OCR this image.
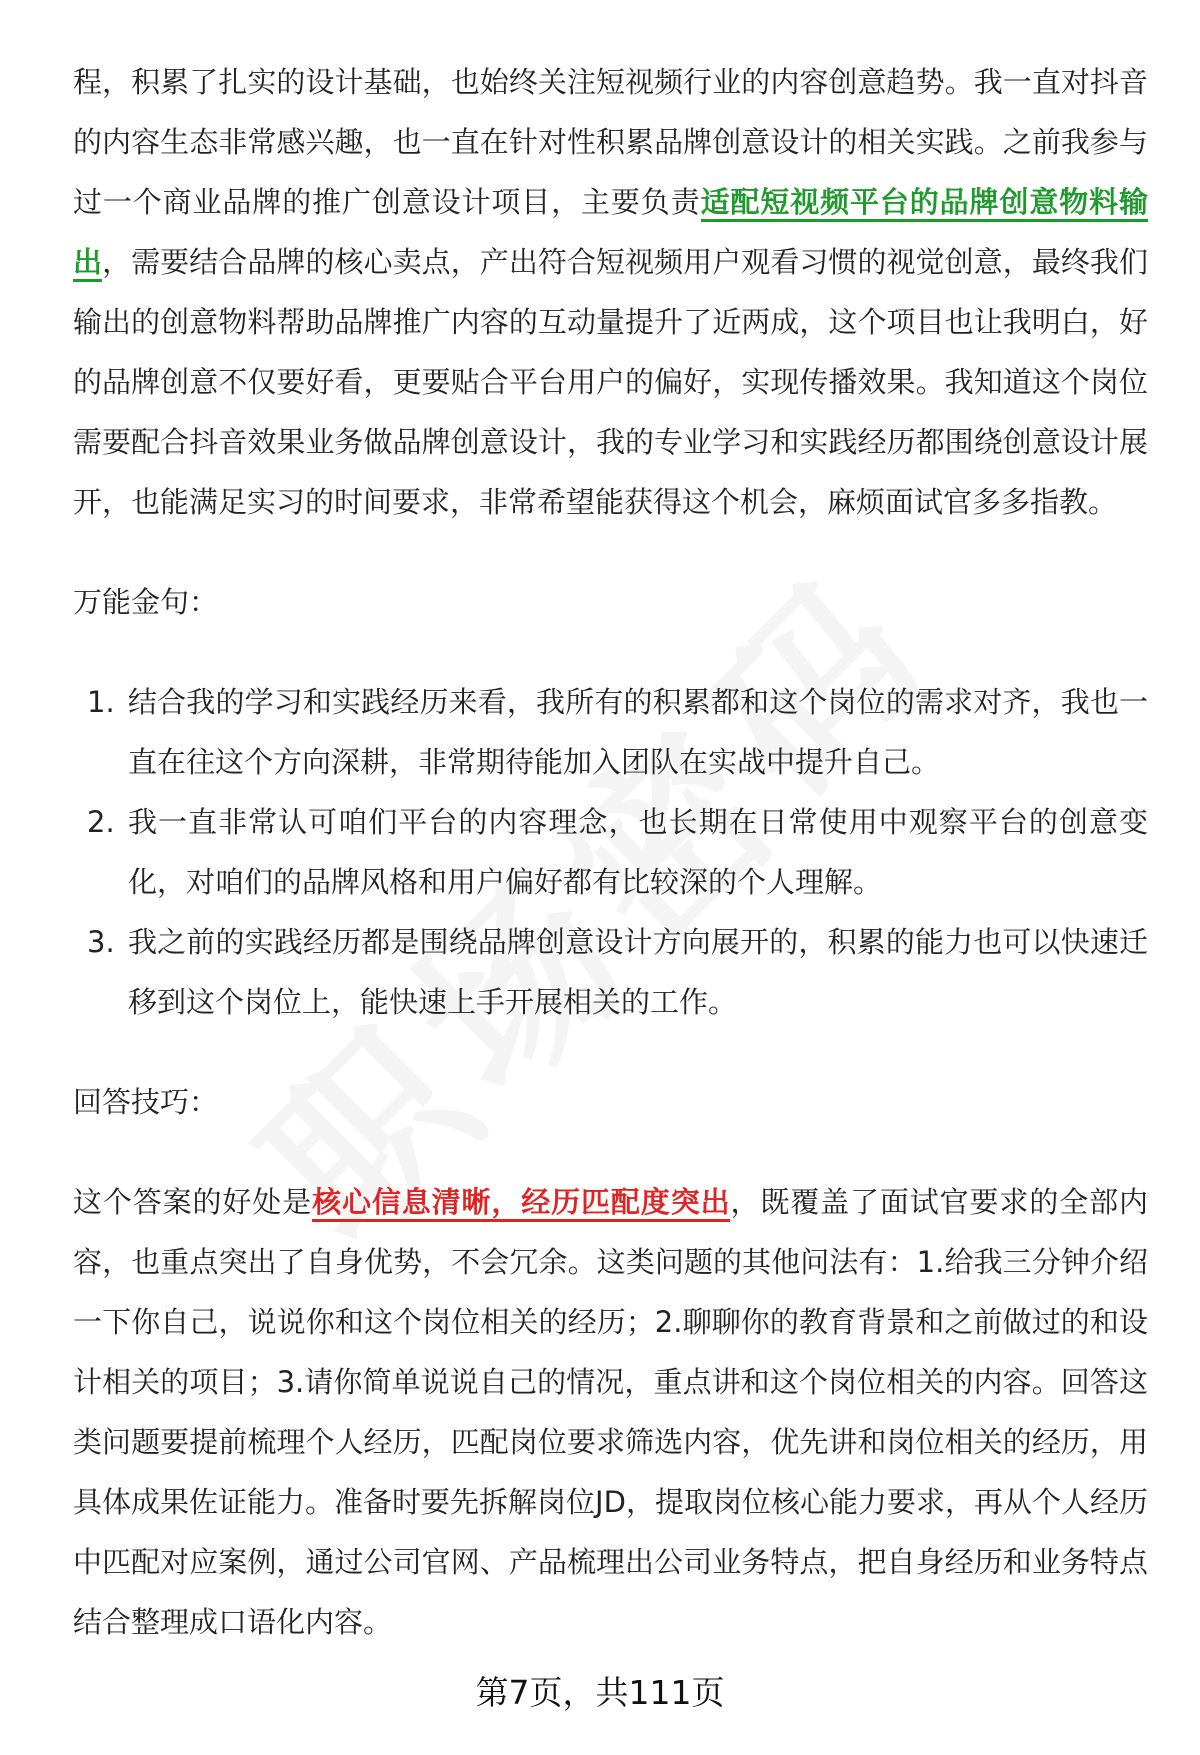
程，积累了扎实的设计基础，也始终关注短视频行业的内容创意趋势。我一直对抖音的内容生态非常感兴趣，也一直在针对性积累品牌创意设计的相关实践。之前我参与过一个商业品牌的推广创意设计项目，主要负责适配短视频平台的品牌创意物料输出，需要结合品牌的核心卖点，产出符合短视频用户观看习惯的视觉创意，最终我们输出的创意物料帮助品牌推广内容的互动量提升了近两成，这个项目也让我明白，好的品牌创意不仅要好看，更要贴合平台用户的偏好，实现传播效果。我知道这个岗位需要配合抖音效果业务做品牌创意设计，我的专业学习和实践经历都围绕创意设计展开，也能满足实习的时间要求，非常希望能获得这个机会，麻烦面试官多多指教。

万能金句：

1. 结合我的学习和实践经历来看，我所有的积累都和这个岗位的需求对齐，我也一直在往这个方向深耕，非常期待能加入团队在实战中提升自己。
2. 我一直非常认可咱们平台的内容理念，也长期在日常使用中观察平台的创意变化，对咱们的品牌风格和用户偏好都有比较深的个人理解。
3. 我之前的实践经历都是围绕品牌创意设计方向展开的，积累的能力也可以快速迁移到这个岗位上，能快速上手开展相关的工作。

回答技巧：

这个答案的好处是核心信息清晰，经历匹配度突出，既覆盖了面试官要求的全部内容，也重点突出了自身优势，不会冗余。这类问题的其他问法有：1.给我三分钟介绍一下你自己，说说你和这个岗位相关的经历；2.聊聊你的教育背景和之前做过的和设计相关的项目；3.请你简单说说自己的情况，重点讲和这个岗位相关的内容。回答这类问题要提前梳理个人经历，匹配岗位要求筛选内容，优先讲和岗位相关的经历，用具体成果佐证能力。准备时要先拆解岗位JD，提取岗位核心能力要求，再从个人经历中匹配对应案例，通过公司官网、产品梳理出公司业务特点，把自身经历和业务特点结合整理成口语化内容。

第7页，共111页
